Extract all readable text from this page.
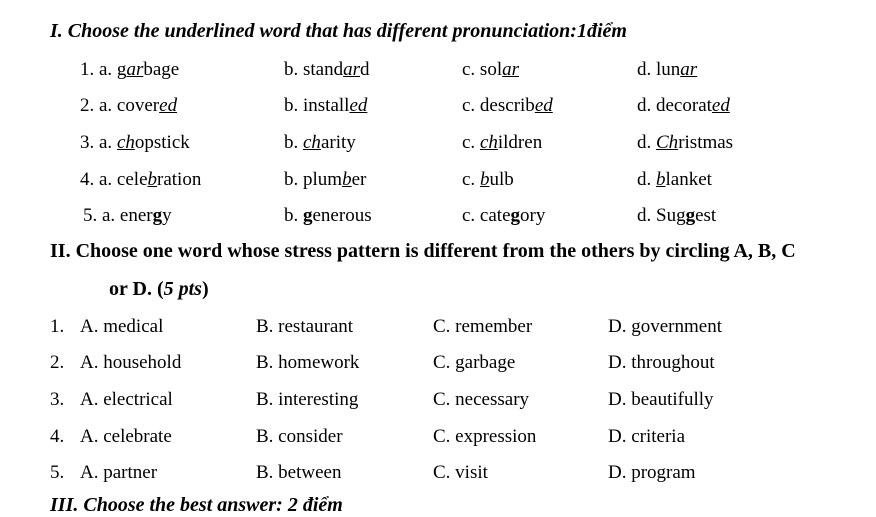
I. Choose the underlined word that has different pronunciation:1điểm
1. a. garbage	b. standard	c. solar	d. lunar
2. a. covered	b. installed	c. described	d. decorated
3. a. chopstick	b. charity	c. children	d. Christmas
4. a. celebration	b. plumber	c. bulb	d. blanket
5. a. energy	b. generous	c. category	d. Suggest
II. Choose one word whose stress pattern is different from the others by circling A, B, C
or D. (5 pts)
1. A. medical	B. restaurant	C. remember	D. government
2. A. household	B. homework	C. garbage	D. throughout
3. A. electrical	B. interesting	C. necessary	D. beautifully
4. A. celebrate	B. consider	C. expression	D. criteria
5. A. partner	B. between	C. visit	D. program
III. Choose the best answer: 2 điểm
